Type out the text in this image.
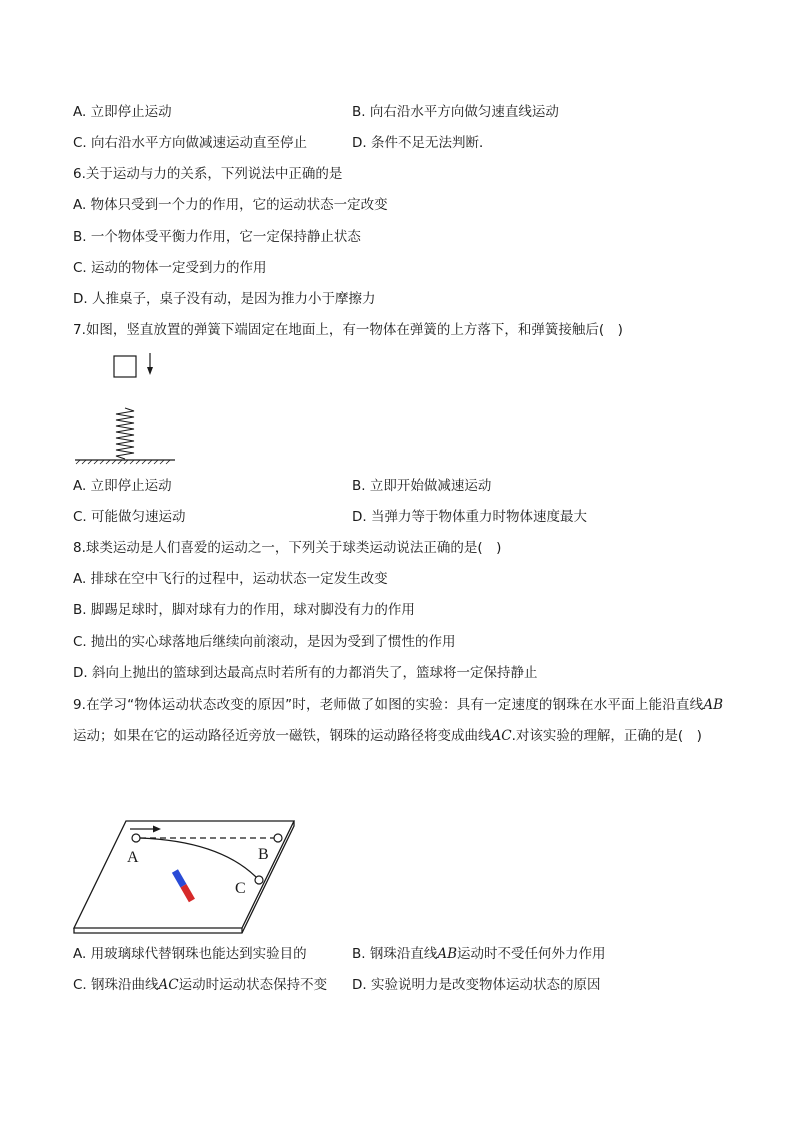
A. 立即停止运动	B. 向右沿水平方向做匀速直线运动
C. 向右沿水平方向做减速运动直至停止	D. 条件不足无法判断．
6.关于运动与力的关系，下列说法中正确的是
A. 物体只受到一个力的作用，它的运动状态一定改变
B. 一个物体受平衡力作用，它一定保持静止状态
C. 运动的物体一定受到力的作用
D. 人推桌子，桌子没有动，是因为推力小于摩擦力
7.如图，竖直放置的弹簧下端固定在地面上，有一物体在弹簧的上方落下，和弹簧接触后(　)
A. 立即停止运动	B. 立即开始做减速运动
C. 可能做匀速运动	D. 当弹力等于物体重力时物体速度最大
8.球类运动是人们喜爱的运动之一，下列关于球类运动说法正确的是(　)
A. 排球在空中飞行的过程中，运动状态一定发生改变
B. 脚踢足球时，脚对球有力的作用，球对脚没有力的作用
C. 抛出的实心球落地后继续向前滚动，是因为受到了惯性的作用
D. 斜向上抛出的篮球到达最高点时若所有的力都消失了，篮球将一定保持静止
9.在学习“物体运动状态改变的原因”时，老师做了如图的实验：具有一定速度的钢珠在水平面上能沿直线AB运动；如果在它的运动路径近旁放一磁铁，钢珠的运动路径将变成曲线AC.对该实验的理解，正确的是(　)
A	B
C
A. 用玻璃球代替钢珠也能达到实验目的	B. 钢珠沿直线AB运动时不受任何外力作用
C. 钢珠沿曲线AC运动时运动状态保持不变 D. 实验说明力是改变物体运动状态的原因
